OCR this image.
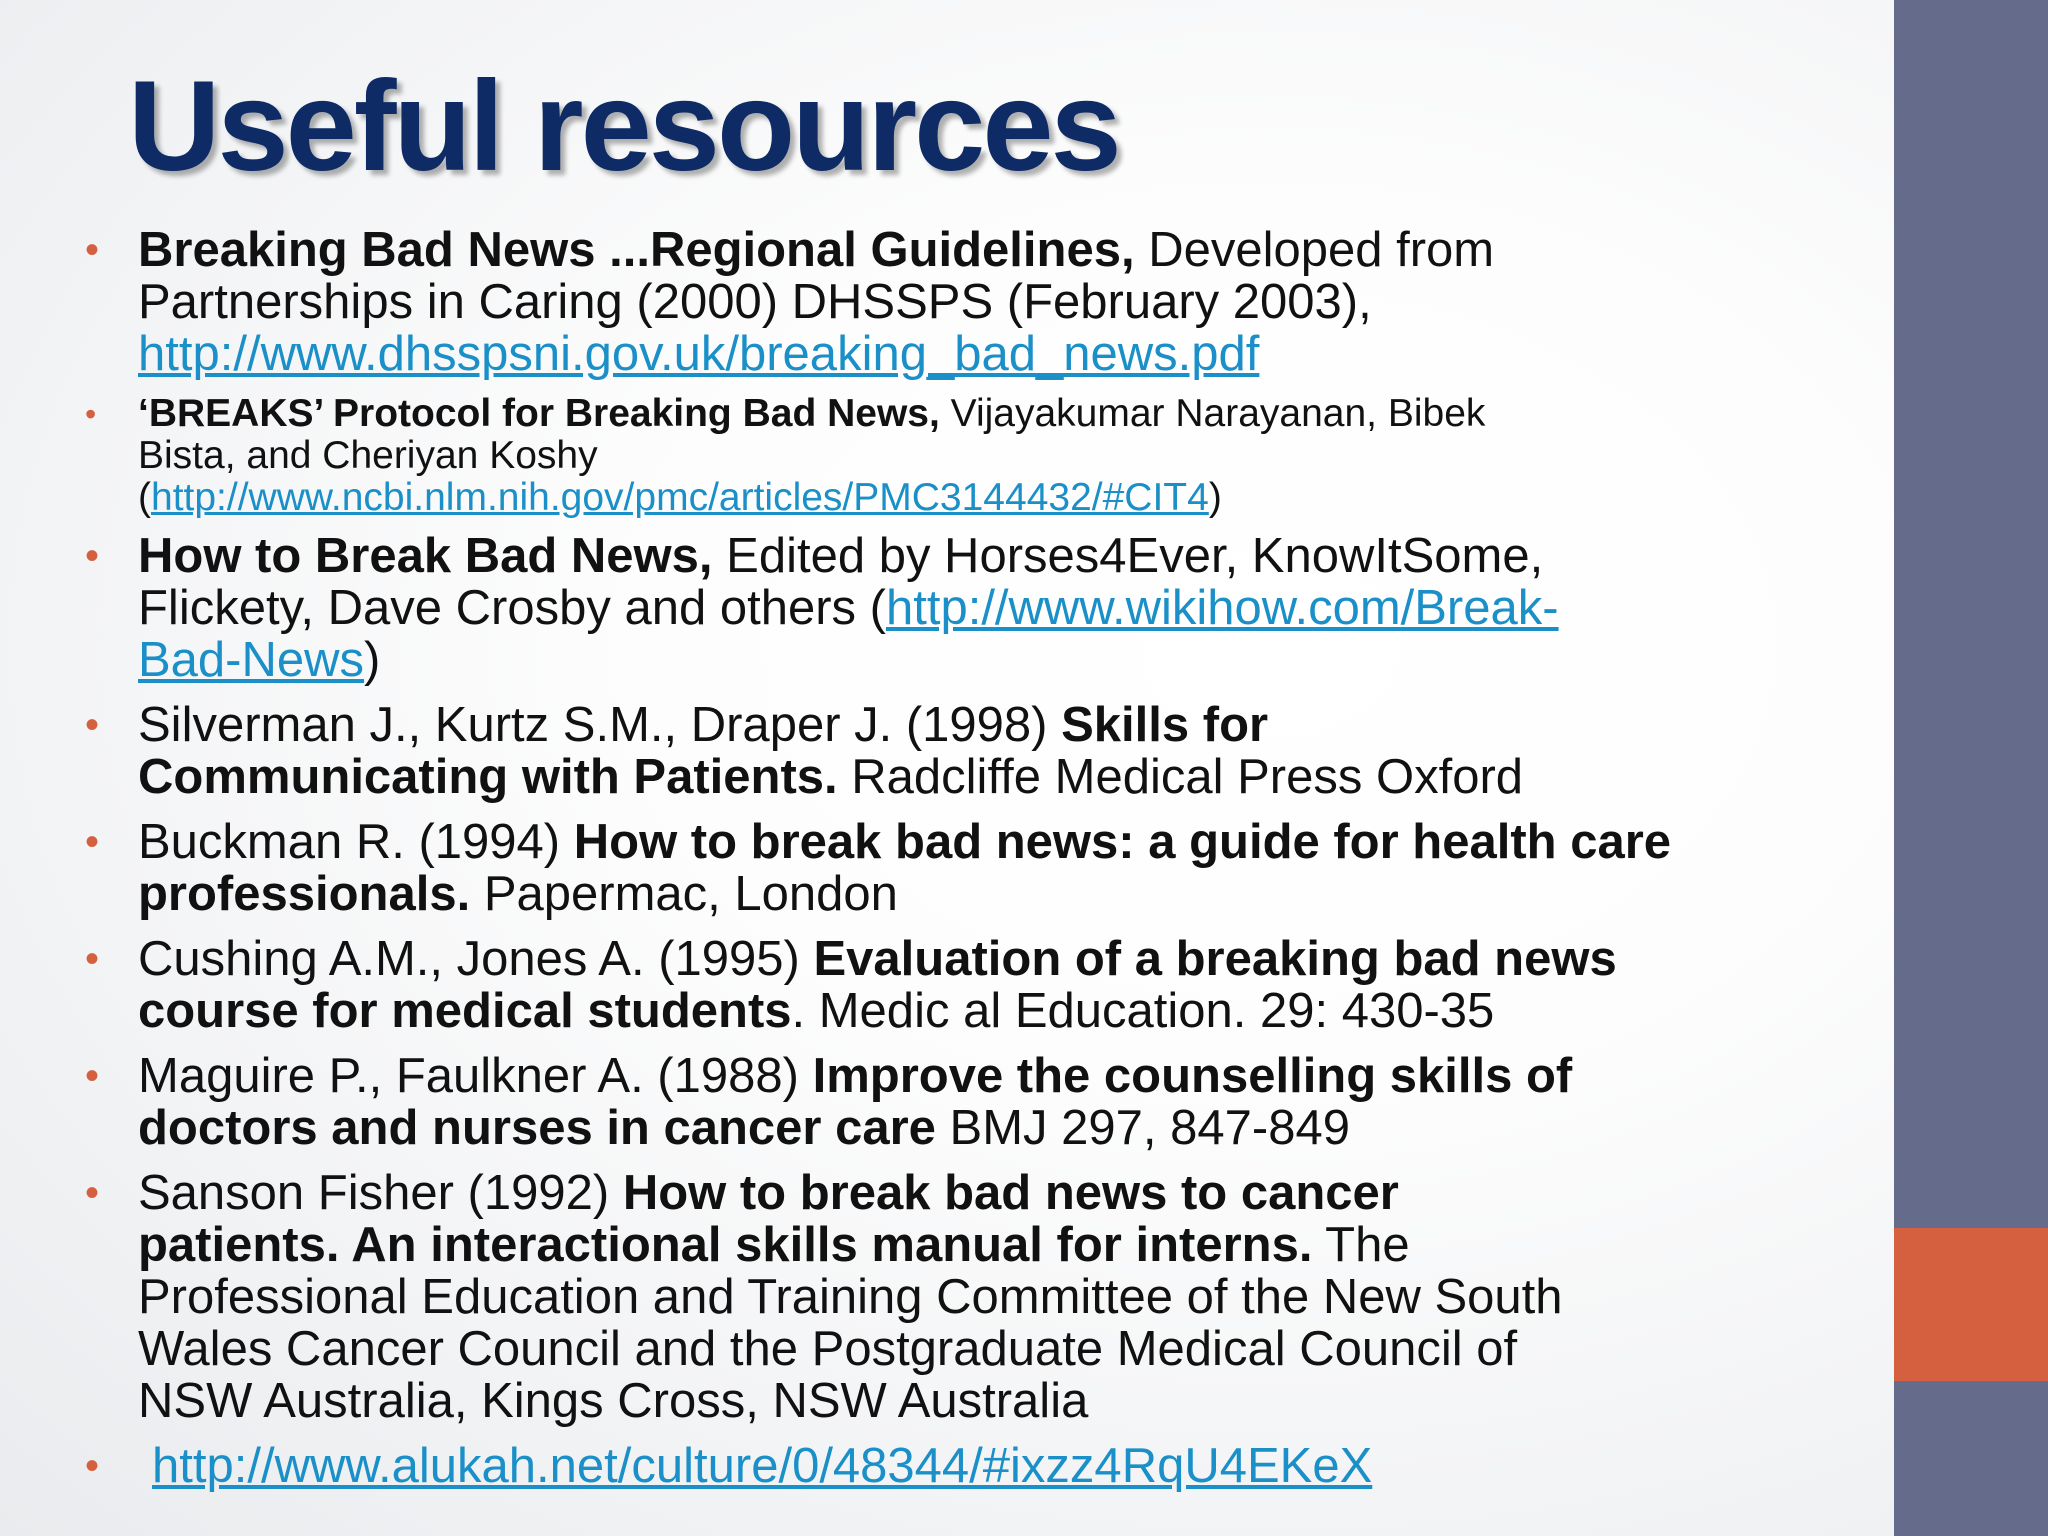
Useful resources
• Breaking Bad News ...Regional Guidelines, Developed from
Partnerships in Caring (2000) DHSSPS (February 2003),
http://www.dhsspsni.gov.uk/breaking_bad_news.pdf
• ‘BREAKS’ Protocol for Breaking Bad News, Vijayakumar Narayanan, Bibek
Bista, and Cheriyan Koshy
(http://www.ncbi.nlm.nih.gov/pmc/articles/PMC3144432/#CIT4)
• How to Break Bad News, Edited by Horses4Ever, KnowItSome,
Flickety, Dave Crosby and others (http://www.wikihow.com/Break-
Bad-News)
• Silverman J., Kurtz S.M., Draper J. (1998) Skills for
Communicating with Patients. Radcliffe Medical Press Oxford
• Buckman R. (1994) How to break bad news: a guide for health care
professionals. Papermac, London
• Cushing A.M., Jones A. (1995) Evaluation of a breaking bad news
course for medical students. Medic al Education. 29: 430-35
• Maguire P., Faulkner A. (1988) Improve the counselling skills of
doctors and nurses in cancer care BMJ 297, 847-849
• Sanson Fisher (1992) How to break bad news to cancer
patients. An interactional skills manual for interns. The
Professional Education and Training Committee of the New South
Wales Cancer Council and the Postgraduate Medical Council of
NSW Australia, Kings Cross, NSW Australia
• http://www.alukah.net/culture/0/48344/#ixzz4RqU4EKeX
